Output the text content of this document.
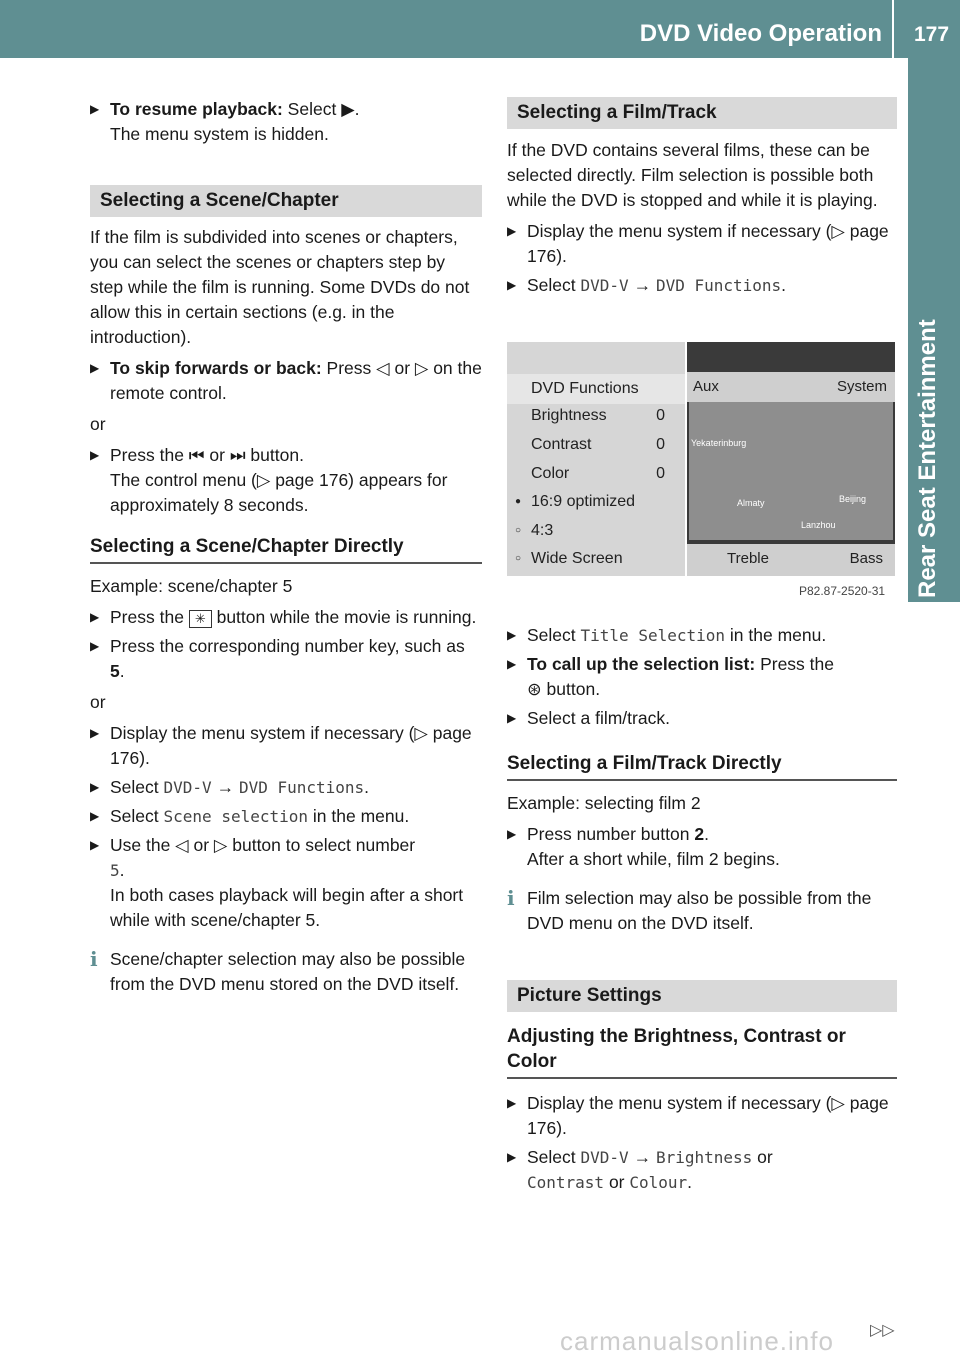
DVD Video Operation 177
Rear Seat Entertainment

▶ To resume playback: Select ▶.

The menu system is hidden.

Selecting a Scene/Chapter

If the film is subdivided into scenes or chapters, you can select the scenes or chapters step by step while the film is running. Some DVDs do not allow this in certain sections (e.g. in the introduction).

▶ To skip forwards or back: Press ◁ or ▷ on the remote control.

or

▶ Press the ⏮ or ⏭ button.

The control menu (▷ page 176) appears for approximately 8 seconds.

Selecting a Scene/Chapter Directly

Example: scene/chapter 5

▶ Press the ✳ button while the movie is running.

▶ Press the corresponding number key, such as 5.

or

▶ Display the menu system if necessary (▷ page 176).

▶ Select DVD-V → DVD Functions.

▶ Select Scene selection in the menu.

▶ Use the ◁ or ▷ button to select number
5.

In both cases playback will begin after a short while with scene/chapter 5.

i Scene/chapter selection may also be possible from the DVD menu stored on the DVD itself.

Selecting a Film/Track

If the DVD contains several films, these can be selected directly. Film selection is possible both while the DVD is stopped and while it is playing.

▶ Display the menu system if necessary (▷ page 176).

▶ Select DVD-V → DVD Functions.

DVD Functions
Brightness	0
Contrast	0
Color	0
● 16:9 optimized
○ 4:3
○ Wide Screen
Aux	System
Yekaterinburg
Almaty	Beijing
Lanzhou
Treble	Bass
P82.87-2520-31

▶ Select Title Selection in the menu.

▶ To call up the selection list: Press the
⊛ button.

▶ Select a film/track.

Selecting a Film/Track Directly

Example: selecting film 2

▶ Press number button 2.

After a short while, film 2 begins.

i Film selection may also be possible from the DVD menu on the DVD itself.

Picture Settings
Adjusting the Brightness, Contrast or Color

▶ Display the menu system if necessary (▷ page 176).

▶ Select DVD-V → Brightness or
Contrast or Colour.

carmanualsonline.info ▷▷
